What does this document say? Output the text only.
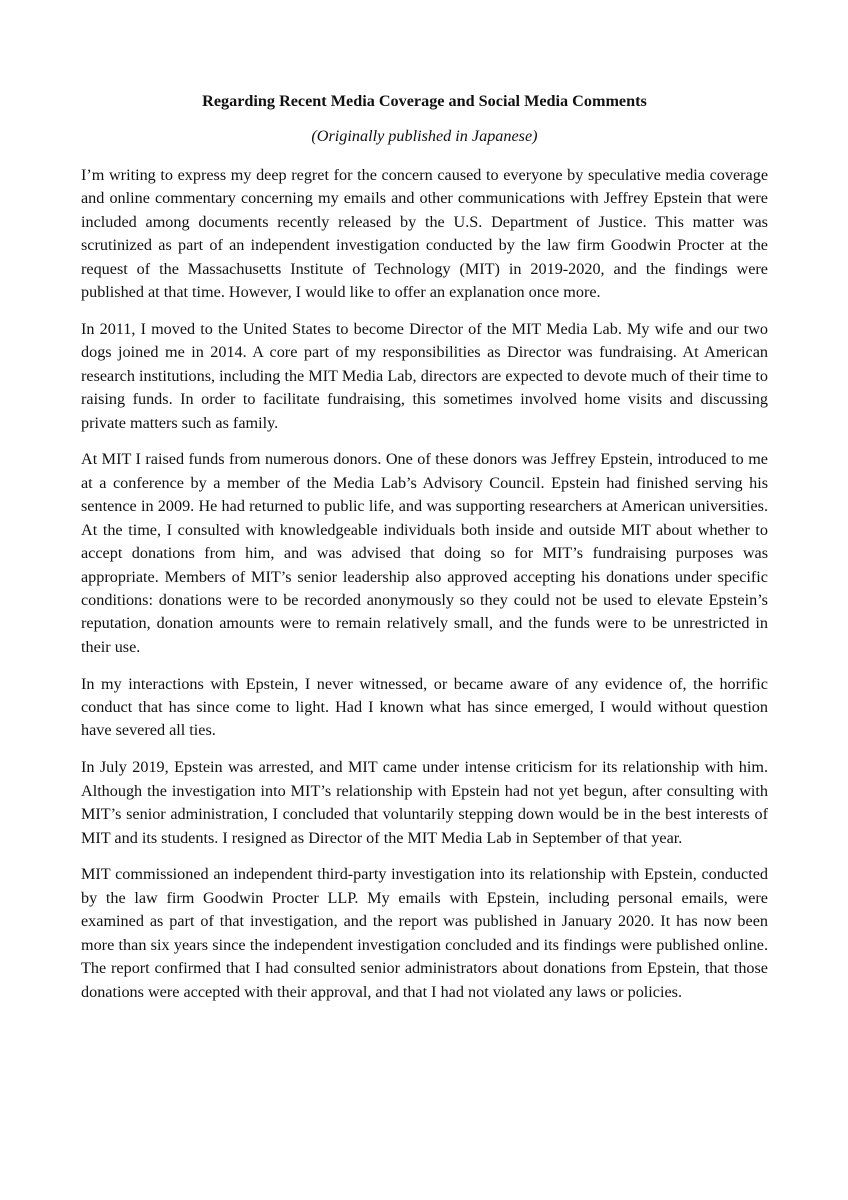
Regarding Recent Media Coverage and Social Media Comments
(Originally published in Japanese)

I’m writing to express my deep regret for the concern caused to everyone by speculative media coverage and online commentary concerning my emails and other communications with Jeffrey Epstein that were included among documents recently released by the U.S. Department of Justice. This matter was scrutinized as part of an independent investigation conducted by the law firm Goodwin Procter at the request of the Massachusetts Institute of Technology (MIT) in 2019-2020, and the findings were published at that time. However, I would like to offer an explanation once more.

In 2011, I moved to the United States to become Director of the MIT Media Lab. My wife and our two dogs joined me in 2014. A core part of my responsibilities as Director was fundraising. At American research institutions, including the MIT Media Lab, directors are expected to devote much of their time to raising funds. In order to facilitate fundraising, this sometimes involved home visits and discussing private matters such as family.

At MIT I raised funds from numerous donors. One of these donors was Jeffrey Epstein, introduced to me at a conference by a member of the Media Lab’s Advisory Council. Epstein had finished serving his sentence in 2009. He had returned to public life, and was supporting researchers at American universities. At the time, I consulted with knowledgeable individuals both inside and outside MIT about whether to accept donations from him, and was advised that doing so for MIT’s fundraising purposes was appropriate. Members of MIT’s senior leadership also approved accepting his donations under specific conditions: donations were to be recorded anonymously so they could not be used to elevate Epstein’s reputation, donation amounts were to remain relatively small, and the funds were to be unrestricted in their use.

In my interactions with Epstein, I never witnessed, or became aware of any evidence of, the horrific conduct that has since come to light. Had I known what has since emerged, I would without question have severed all ties.

In July 2019, Epstein was arrested, and MIT came under intense criticism for its relationship with him. Although the investigation into MIT’s relationship with Epstein had not yet begun, after consulting with MIT’s senior administration, I concluded that voluntarily stepping down would be in the best interests of MIT and its students. I resigned as Director of the MIT Media Lab in September of that year.

MIT commissioned an independent third-party investigation into its relationship with Epstein, conducted by the law firm Goodwin Procter LLP. My emails with Epstein, including personal emails, were examined as part of that investigation, and the report was published in January 2020. It has now been more than six years since the independent investigation concluded and its findings were published online. The report confirmed that I had consulted senior administrators about donations from Epstein, that those donations were accepted with their approval, and that I had not violated any laws or policies.
